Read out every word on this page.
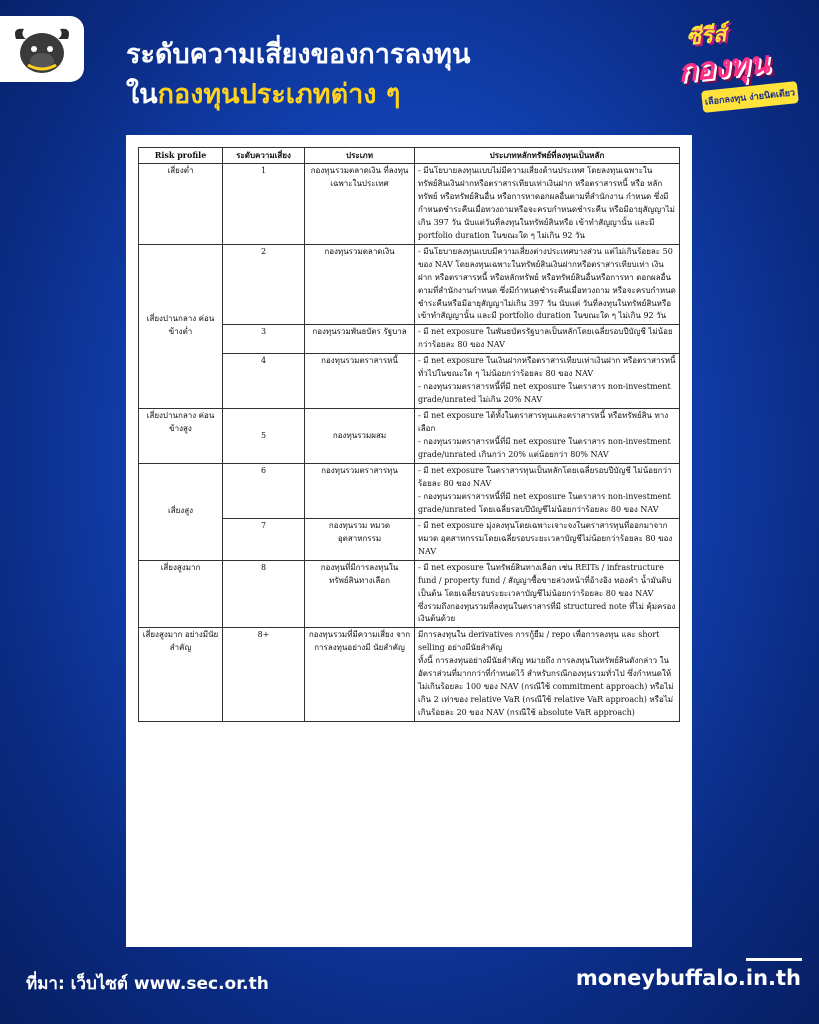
ระดับความเสี่ยงของการลงทุน
ในกองทุนประเภทต่าง ๆ
ซีรีส์
กองทุน
เลือกลงทุน ง่ายนิดเดียว
Risk profile	ระดับความเสี่ยง	ประเภท	ประเภทหลักทรัพย์ที่ลงทุนเป็นหลัก
เสี่ยงต่ำ	1	กองทุนรวมตลาดเงิน ที่ลงทุนเฉพาะในประเทศ	- มีนโยบายลงทุนแบบไม่มีความเสี่ยงด้านประเทศ โดยลงทุนเฉพาะใน ทรัพย์สินเงินฝากหรือตราสารเทียบเท่าเงินฝาก หรือตราสารหนี้ หรือ หลักทรัพย์ หรือทรัพย์สินอื่น หรือการหาดอกผลอื่นตามที่สำนักงาน กำหนด ซึ่งมีกำหนดชำระคืนเมื่อทวงถามหรือจะครบกำหนดชำระคืน หรือมีอายุสัญญาไม่เกิน 397 วัน นับแต่วันที่ลงทุนในทรัพย์สินหรือ เข้าทำสัญญานั้น และมี portfolio duration ในขณะใด ๆ ไม่เกิน 92 วัน

เสี่ยงปานกลาง ค่อนข้างต่ำ	2	กองทุนรวมตลาดเงิน	- มีนโยบายลงทุนแบบมีความเสี่ยงต่างประเทศบางส่วน แต่ไม่เกินร้อยละ 50 ของ NAV โดยลงทุนเฉพาะในทรัพย์สินเงินฝากหรือตราสารเทียบเท่า เงินฝาก หรือตราสารหนี้ หรือหลักทรัพย์ หรือทรัพย์สินอื่นหรือการหา ดอกผลอื่นตามที่สำนักงานกำหนด ซึ่งมีกำหนดชำระคืนเมื่อทวงถาม หรือจะครบกำหนดชำระคืนหรือมีอายุสัญญาไม่เกิน 397 วัน นับแต่ วันที่ลงทุนในทรัพย์สินหรือเข้าทำสัญญานั้น และมี portfolio duration ในขณะใด ๆ ไม่เกิน 92 วัน

	3	กองทุนรวมพันธบัตร รัฐบาล	- มี net exposure ในพันธบัตรรัฐบาลเป็นหลักโดยเฉลี่ยรอบปีบัญชี ไม่น้อยกว่าร้อยละ 80 ของ NAV

	4	กองทุนรวมตราสารหนี้	- มี net exposure ในเงินฝากหรือตราสารเทียบเท่าเงินฝาก หรือตราสารหนี้ ทั่วไปในขณะใด ๆ ไม่น้อยกว่าร้อยละ 80 ของ NAV
- กองทุนรวมตราสารหนี้ที่มี net exposure ในตราสาร non-investment grade/unrated ไม่เกิน 20% NAV

เสี่ยงปานกลาง ค่อนข้างสูง	5	กองทุนรวมผสม	- มี net exposure ได้ทั้งในตราสารทุนและตราสารหนี้ หรือทรัพย์สิน ทางเลือก
- กองทุนรวมตราสารหนี้ที่มี net exposure ในตราสาร non-investment grade/unrated เกินกว่า 20% แต่น้อยกว่า 80% NAV

เสี่ยงสูง	6	กองทุนรวมตราสารทุน	- มี net exposure ในตราสารทุนเป็นหลักโดยเฉลี่ยรอบปีบัญชี ไม่น้อยกว่าร้อยละ 80 ของ NAV
- กองทุนรวมตราสารหนี้ที่มี net exposure ในตราสาร non-investment grade/unrated โดยเฉลี่ยรอบปีบัญชีไม่น้อยกว่าร้อยละ 80 ของ NAV

	7	กองทุนรวม หมวดอุตสาหกรรม	- มี net exposure มุ่งลงทุนโดยเฉพาะเจาะจงในตราสารทุนที่ออกมาจากหมวด อุตสาหกรรมโดยเฉลี่ยรอบระยะเวลาบัญชีไม่น้อยกว่าร้อยละ 80 ของ NAV

เสี่ยงสูงมาก	8	กองทุนที่มีการลงทุนใน ทรัพย์สินทางเลือก	- มี net exposure ในทรัพย์สินทางเลือก เช่น REITs / infrastructure fund / property fund / สัญญาซื้อขายล่วงหน้าที่อ้างอิง ทองคำ น้ำมันดิบ เป็นต้น โดยเฉลี่ยรอบระยะเวลาบัญชีไม่น้อยกว่าร้อยละ 80 ของ NAV
ซึ่งรวมถึงกองทุนรวมที่ลงทุนในตราสารที่มี structured note ที่ไม่ คุ้มครองเงินต้นด้วย

เสี่ยงสูงมาก อย่างมีนัยสำคัญ	8+	กองทุนรวมที่มีความเสี่ยง จากการลงทุนอย่างมี นัยสำคัญ	มีการลงทุนใน derivatives การกู้ยืม / repo เพื่อการลงทุน และ short selling อย่างมีนัยสำคัญ
ทั้งนี้ การลงทุนอย่างมีนัยสำคัญ หมายถึง การลงทุนในทรัพย์สินดังกล่าว ในอัตราส่วนที่มากกว่าที่กำหนดไว้ สำหรับกรณีกองทุนรวมทั่วไป ซึ่งกำหนดให้ไม่เกินร้อยละ 100 ของ NAV (กรณีใช้ commitment approach) หรือไม่เกิน 2 เท่าของ relative VaR (กรณีใช้ relative VaR approach) หรือไม่เกินร้อยละ 20 ของ NAV (กรณีใช้ absolute VaR approach)
ที่มา: เว็บไซต์ www.sec.or.th	moneybuffalo.in.th
